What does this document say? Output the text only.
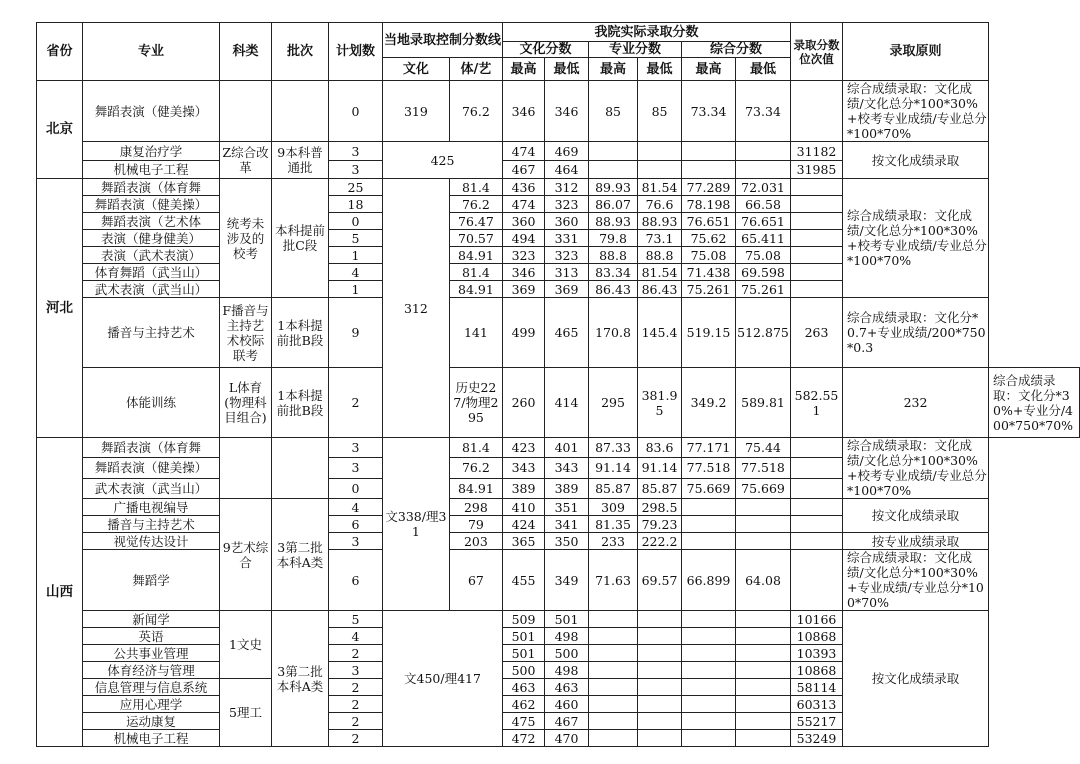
省份	专业	科类	批次	计划数	当地录取控制分数线		我院实际录取分数						录取分数位次值	录取原则	
							文化分数		专业分数		综合分数				
					文化	体/艺	最高	最低	最高	最低	最高	最低			
北京	舞蹈表演（健美操）			0	319	76.2	346	346	85	85	73.34	73.34		综合成绩录取：文化成绩/文化总分*100*30%+校考专业成绩/专业总分*100*70%	
	康复治疗学	Z综合改革	9本科普通批	3	425		474	469					31182	按文化成绩录取	
	机械电子工程			3			467	464					31985		
河北	舞蹈表演（体育舞	统考未涉及的校考	本科提前批C段	25	312	81.4	436	312	89.93	81.54	77.289	72.031		综合成绩录取：文化成绩/文化总分*100*30%+校考专业成绩/专业总分*100*70%	
	舞蹈表演（健美操）			18		76.2	474	323	86.07	76.6	78.198	66.58			
	舞蹈表演（艺术体			0		76.47	360	360	88.93	88.93	76.651	76.651			
	表演（健身健美）			5		70.57	494	331	79.8	73.1	75.62	65.411			
	表演（武术表演）			1		84.91	323	323	88.8	88.8	75.08	75.08			
	体育舞蹈（武当山）			4		81.4	346	313	83.34	81.54	71.438	69.598			
	武术表演（武当山）			1		84.91	369	369	86.43	86.43	75.261	75.261			
	播音与主持艺术	F播音与主持艺术校际联考	1本科提前批B段	9		141	499	465	170.8	145.4	519.15	512.875	263	综合成绩录取：文化分*0.7+专业成绩/200*750*0.3	
	体能训练	L体育(物理科目组合)	1本科提前批B段	2		历史227/物理295	260	414	295	381.95	349.2	589.81	582.551	232	综合成绩录取：文化分*30%+专业分/400*750*70%
山西	舞蹈表演（体育舞			3	文338/理31	81.4	423	401	87.33	83.6	77.171	75.44		综合成绩录取：文化成绩/文化总分*100*30%+校考专业成绩/专业总分*100*70%	
	舞蹈表演（健美操）			3		76.2	343	343	91.14	91.14	77.518	77.518			
	武术表演（武当山）			0		84.91	389	389	85.87	85.87	75.669	75.669			
	广播电视编导	9艺术综合	3第二批本科A类	4		298	410	351	309	298.5				按文化成绩录取	
	播音与主持艺术			6		79	424	341	81.35	79.23					
	视觉传达设计			3		203	365	350	233	222.2				按专业成绩录取	
	舞蹈学			6		67	455	349	71.63	69.57	66.899	64.08		综合成绩录取：文化成绩/文化总分*100*30%+专业成绩/专业总分*100*70%	
	新闻学	1文史	3第二批本科A类	5	文450/理417		509	501					10166	按文化成绩录取	
	英语			4			501	498					10868		
	公共事业管理			2			501	500					10393		
	体育经济与管理			3			500	498					10868		
	信息管理与信息系统	5理工		2			463	463					58114		
	应用心理学			2			462	460					60313		
	运动康复			2			475	467					55217		
	机械电子工程			2			472	470					53249		
